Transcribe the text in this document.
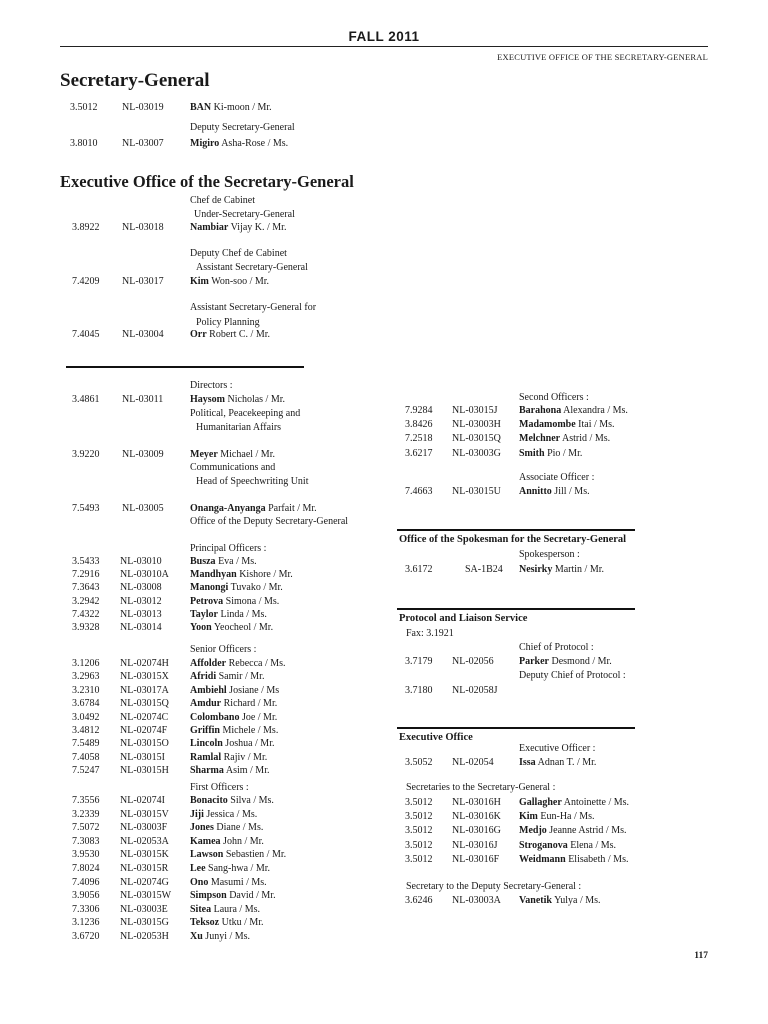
FALL 2011
EXECUTIVE OFFICE OF THE SECRETARY-GENERAL
Secretary-General
3.5012 NL-03019	BAN Ki-moon / Mr.
Deputy Secretary-General
3.8010 NL-03007	Migiro Asha-Rose / Ms.
Executive Office of the Secretary-General
Chef de Cabinet
Under-Secretary-General
3.8922 NL-03018	Nambiar Vijay K. / Mr.
Deputy Chef de Cabinet
Assistant Secretary-General
7.4209 NL-03017	Kim Won-soo / Mr.
Assistant Secretary-General for
Policy Planning
7.4045 NL-03004	Orr Robert C. / Mr.
Directors :
3.4861 NL-03011	Haysom Nicholas / Mr.
Political, Peacekeeping and
Humanitarian Affairs
3.9220 NL-03009	Meyer Michael / Mr.
Communications and
Head of Speechwriting Unit
7.5493 NL-03005	Onanga-Anyanga Parfait / Mr.
Office of the Deputy Secretary-General
Principal Officers :
3.5433 NL-03010	Busza Eva / Ms.
7.2916 NL-03010A Mandhyan Kishore / Mr.
7.3643 NL-03008	Manongi Tuvako / Mr.
3.2942 NL-03012	Petrova Simona / Ms.
7.4322 NL-03013	Taylor Linda / Ms.
3.9328 NL-03014	Yoon Yeocheol / Mr.
Senior Officers :
3.1206 NL-02074H Affolder Rebecca / Ms.
3.2963 NL-03015X Afridi Samir / Mr.
3.2310 NL-03017A Ambiehl Josiane / Ms
3.6784 NL-03015Q Amdur Richard / Mr.
3.0492 NL-02074C Colombano Joe / Mr.
3.4812 NL-02074F Griffin Michele / Ms.
7.5489 NL-03015O Lincoln Joshua / Mr.
7.4058 NL-03015I	Ramlal Rajiv / Mr.
7.5247 NL-03015H Sharma Asim / Mr.
First Officers :
7.3556 NL-02074I	Bonacito Silva / Ms.
3.2339 NL-03015V Jiji Jessica / Ms.
7.5072 NL-03003F Jones Diane / Ms.
7.3083 NL-02053A Kamea John / Mr.
3.9530 NL-03015K Lawson Sebastien / Mr.
7.8024 NL-03015R Lee Sang-hwa / Mr.
7.4096 NL-02074G Ono Masumi / Ms.
3.9056 NL-03015W Simpson David / Mr.
7.3306 NL-03003E Sitea Laura / Ms.
3.1236 NL-03015G Teksoz Utku / Mr.
3.6720 NL-02053H Xu Junyi / Ms.
Second Officers :
7.9284 NL-03015J Barahona Alexandra / Ms.
3.8426 NL-03003H Madamombe Itai / Ms.
7.2518 NL-03015Q Melchner Astrid / Ms.
3.6217 NL-03003G Smith Pio / Mr.
Associate Officer :
7.4663 NL-03015U Annitto Jill / Ms.
Office of the Spokesman for the Secretary-General
Spokesperson :
3.6172	SA-1B24 Nesirky Martin / Mr.
Protocol and Liaison Service
Fax: 3.1921
Chief of Protocol :
3.7179 NL-02056	Parker Desmond / Mr.
Deputy Chief of Protocol :
3.7180 NL-02058J
Executive Office
Executive Officer :
3.5052 NL-02054	Issa Adnan T. / Mr.
Secretaries to the Secretary-General :
3.5012 NL-03016H Gallagher Antoinette / Ms.
3.5012 NL-03016K Kim Eun-Ha / Ms.
3.5012 NL-03016G Medjo Jeanne Astrid / Ms.
3.5012 NL-03016J Stroganova Elena / Ms.
3.5012 NL-03016F Weidmann Elisabeth / Ms.
Secretary to the Deputy Secretary-General :
3.6246 NL-03003A Vanetik Yulya / Ms.
117
